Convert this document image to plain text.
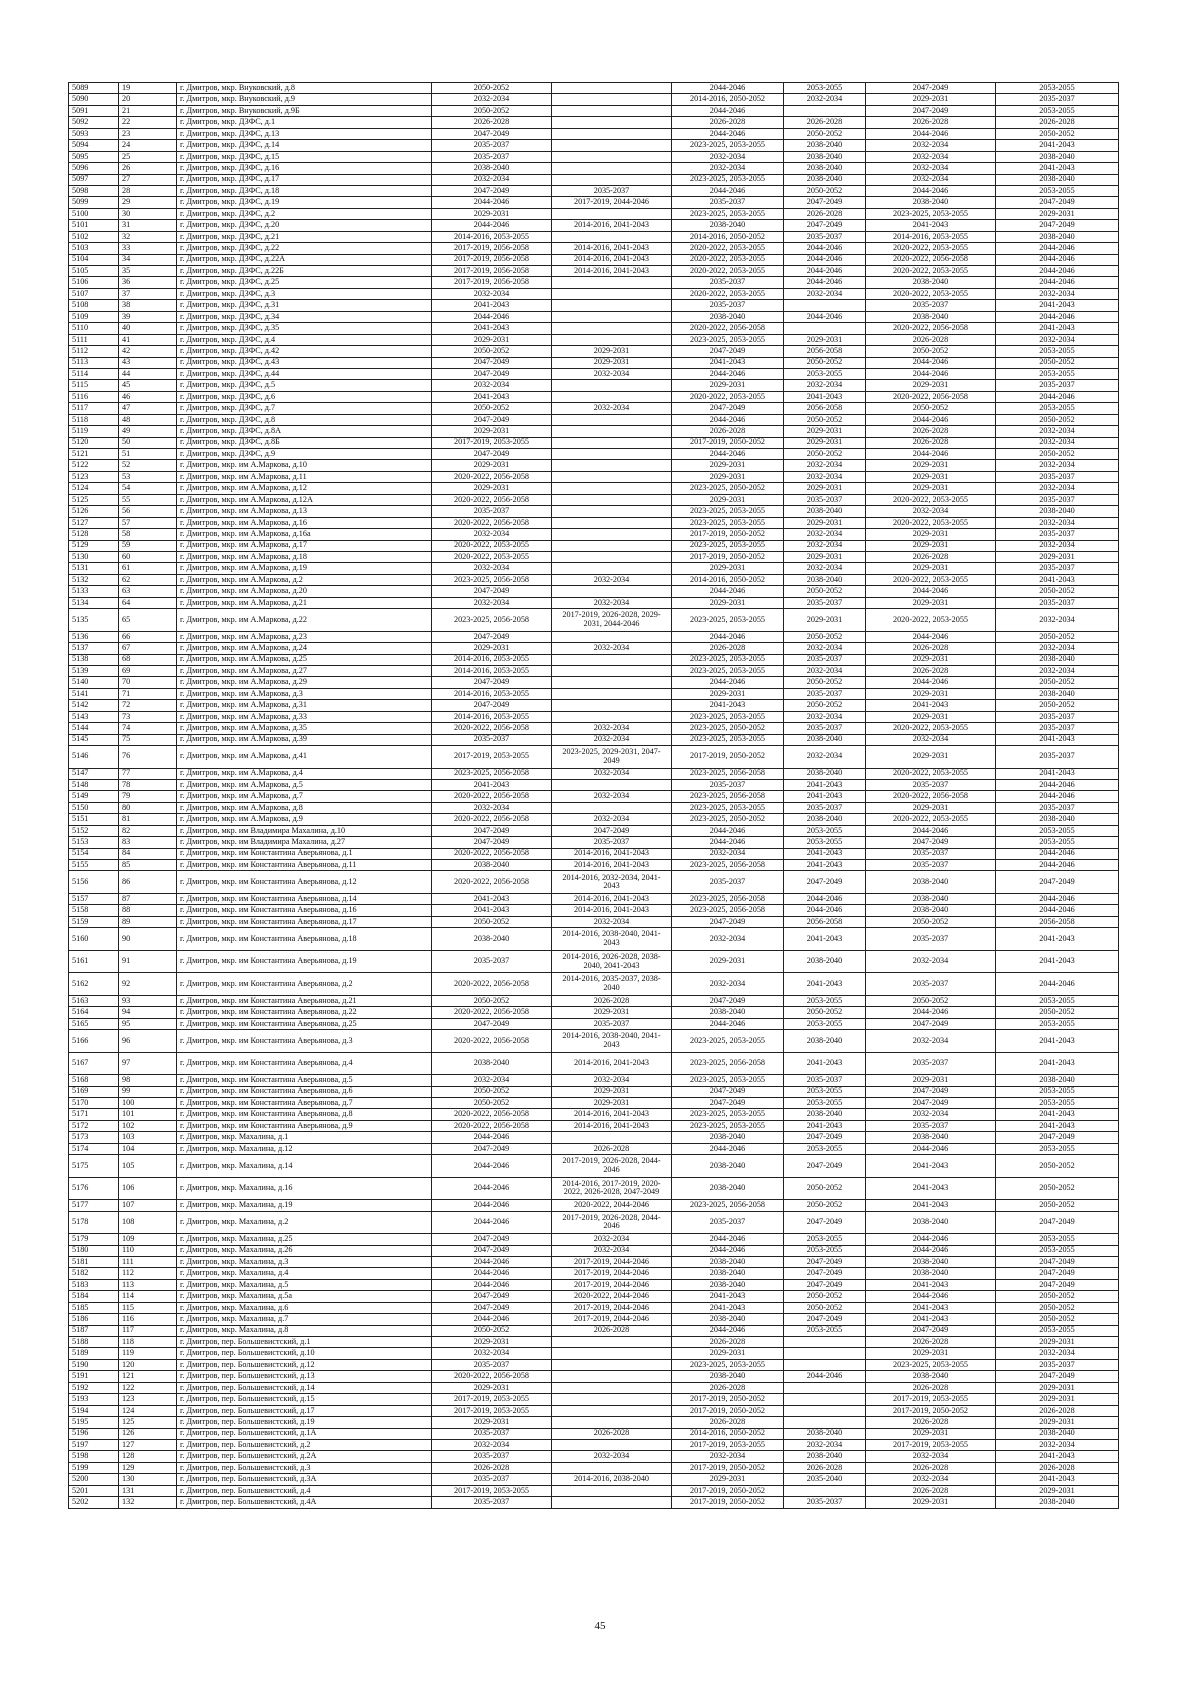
5089	19	г. Дмитров, мкр. Внуковский, д.8	2050-2052		2044-2046	2053-2055	2047-2049	2053-2055
5090	20	г. Дмитров, мкр. Внуковский, д.9	2032-2034		2014-2016, 2050-2052	2032-2034	2029-2031	2035-2037
5091	21	г. Дмитров, мкр. Внуковский, д.9Б	2050-2052		2044-2046		2047-2049	2053-2055
5092	22	г. Дмитров, мкр. ДЗФС, д.1	2026-2028		2026-2028	2026-2028	2026-2028	2026-2028
5093	23	г. Дмитров, мкр. ДЗФС, д.13	2047-2049		2044-2046	2050-2052	2044-2046	2050-2052
5094	24	г. Дмитров, мкр. ДЗФС, д.14	2035-2037		2023-2025, 2053-2055	2038-2040	2032-2034	2041-2043
5095	25	г. Дмитров, мкр. ДЗФС, д.15	2035-2037		2032-2034	2038-2040	2032-2034	2038-2040
5096	26	г. Дмитров, мкр. ДЗФС, д.16	2038-2040		2032-2034	2038-2040	2032-2034	2041-2043
5097	27	г. Дмитров, мкр. ДЗФС, д.17	2032-2034		2023-2025, 2053-2055	2038-2040	2032-2034	2038-2040
5098	28	г. Дмитров, мкр. ДЗФС, д.18	2047-2049	2035-2037	2044-2046	2050-2052	2044-2046	2053-2055
5099	29	г. Дмитров, мкр. ДЗФС, д.19	2044-2046	2017-2019, 2044-2046	2035-2037	2047-2049	2038-2040	2047-2049
5100	30	г. Дмитров, мкр. ДЗФС, д.2	2029-2031		2023-2025, 2053-2055	2026-2028	2023-2025, 2053-2055	2029-2031
5101	31	г. Дмитров, мкр. ДЗФС, д.20	2044-2046	2014-2016, 2041-2043	2038-2040	2047-2049	2041-2043	2047-2049
5102	32	г. Дмитров, мкр. ДЗФС, д.21	2014-2016, 2053-2055		2014-2016, 2050-2052	2035-2037	2014-2016, 2053-2055	2038-2040
5103	33	г. Дмитров, мкр. ДЗФС, д.22	2017-2019, 2056-2058	2014-2016, 2041-2043	2020-2022, 2053-2055	2044-2046	2020-2022, 2053-2055	2044-2046
5104	34	г. Дмитров, мкр. ДЗФС, д.22А	2017-2019, 2056-2058	2014-2016, 2041-2043	2020-2022, 2053-2055	2044-2046	2020-2022, 2056-2058	2044-2046
5105	35	г. Дмитров, мкр. ДЗФС, д.22Б	2017-2019, 2056-2058	2014-2016, 2041-2043	2020-2022, 2053-2055	2044-2046	2020-2022, 2053-2055	2044-2046
5106	36	г. Дмитров, мкр. ДЗФС, д.25	2017-2019, 2056-2058		2035-2037	2044-2046	2038-2040	2044-2046
5107	37	г. Дмитров, мкр. ДЗФС, д.3	2032-2034		2020-2022, 2053-2055	2032-2034	2020-2022, 2053-2055	2032-2034
5108	38	г. Дмитров, мкр. ДЗФС, д.31	2041-2043		2035-2037		2035-2037	2041-2043
5109	39	г. Дмитров, мкр. ДЗФС, д.34	2044-2046		2038-2040	2044-2046	2038-2040	2044-2046
5110	40	г. Дмитров, мкр. ДЗФС, д.35	2041-2043		2020-2022, 2056-2058		2020-2022, 2056-2058	2041-2043
5111	41	г. Дмитров, мкр. ДЗФС, д.4	2029-2031		2023-2025, 2053-2055	2029-2031	2026-2028	2032-2034
5112	42	г. Дмитров, мкр. ДЗФС, д.42	2050-2052	2029-2031	2047-2049	2056-2058	2050-2052	2053-2055
5113	43	г. Дмитров, мкр. ДЗФС, д.43	2047-2049	2029-2031	2041-2043	2050-2052	2044-2046	2050-2052
5114	44	г. Дмитров, мкр. ДЗФС, д.44	2047-2049	2032-2034	2044-2046	2053-2055	2044-2046	2053-2055
5115	45	г. Дмитров, мкр. ДЗФС, д.5	2032-2034		2029-2031	2032-2034	2029-2031	2035-2037
5116	46	г. Дмитров, мкр. ДЗФС, д.6	2041-2043		2020-2022, 2053-2055	2041-2043	2020-2022, 2056-2058	2044-2046
5117	47	г. Дмитров, мкр. ДЗФС, д.7	2050-2052	2032-2034	2047-2049	2056-2058	2050-2052	2053-2055
5118	48	г. Дмитров, мкр. ДЗФС, д.8	2047-2049		2044-2046	2050-2052	2044-2046	2050-2052
5119	49	г. Дмитров, мкр. ДЗФС, д.8А	2029-2031		2026-2028	2029-2031	2026-2028	2032-2034
5120	50	г. Дмитров, мкр. ДЗФС, д.8Б	2017-2019, 2053-2055		2017-2019, 2050-2052	2029-2031	2026-2028	2032-2034
5121	51	г. Дмитров, мкр. ДЗФС, д.9	2047-2049		2044-2046	2050-2052	2044-2046	2050-2052
5122	52	г. Дмитров, мкр. им А.Маркова, д.10	2029-2031		2029-2031	2032-2034	2029-2031	2032-2034
5123	53	г. Дмитров, мкр. им А.Маркова, д.11	2020-2022, 2056-2058		2029-2031	2032-2034	2029-2031	2035-2037
5124	54	г. Дмитров, мкр. им А.Маркова, д.12	2029-2031		2023-2025, 2050-2052	2029-2031	2029-2031	2032-2034
5125	55	г. Дмитров, мкр. им А.Маркова, д.12А	2020-2022, 2056-2058		2029-2031	2035-2037	2020-2022, 2053-2055	2035-2037
5126	56	г. Дмитров, мкр. им А.Маркова, д.13	2035-2037		2023-2025, 2053-2055	2038-2040	2032-2034	2038-2040
5127	57	г. Дмитров, мкр. им А.Маркова, д.16	2020-2022, 2056-2058		2023-2025, 2053-2055	2029-2031	2020-2022, 2053-2055	2032-2034
5128	58	г. Дмитров, мкр. им А.Маркова, д.16а	2032-2034		2017-2019, 2050-2052	2032-2034	2029-2031	2035-2037
5129	59	г. Дмитров, мкр. им А.Маркова, д.17	2020-2022, 2053-2055		2023-2025, 2053-2055	2032-2034	2029-2031	2032-2034
5130	60	г. Дмитров, мкр. им А.Маркова, д.18	2020-2022, 2053-2055		2017-2019, 2050-2052	2029-2031	2026-2028	2029-2031
5131	61	г. Дмитров, мкр. им А.Маркова, д.19	2032-2034		2029-2031	2032-2034	2029-2031	2035-2037
5132	62	г. Дмитров, мкр. им А.Маркова, д.2	2023-2025, 2056-2058	2032-2034	2014-2016, 2050-2052	2038-2040	2020-2022, 2053-2055	2041-2043
5133	63	г. Дмитров, мкр. им А.Маркова, д.20	2047-2049		2044-2046	2050-2052	2044-2046	2050-2052
5134	64	г. Дмитров, мкр. им А.Маркова, д.21	2032-2034	2032-2034	2029-2031	2035-2037	2029-2031	2035-2037
5135	65	г. Дмитров, мкр. им А.Маркова, д.22	2023-2025, 2056-2058	2017-2019, 2026-2028, 2029-2031, 2044-2046	2023-2025, 2053-2055	2029-2031	2020-2022, 2053-2055	2032-2034
5136	66	г. Дмитров, мкр. им А.Маркова, д.23	2047-2049		2044-2046	2050-2052	2044-2046	2050-2052
5137	67	г. Дмитров, мкр. им А.Маркова, д.24	2029-2031	2032-2034	2026-2028	2032-2034	2026-2028	2032-2034
5138	68	г. Дмитров, мкр. им А.Маркова, д.25	2014-2016, 2053-2055		2023-2025, 2053-2055	2035-2037	2029-2031	2038-2040
5139	69	г. Дмитров, мкр. им А.Маркова, д.27	2014-2016, 2053-2055		2023-2025, 2053-2055	2032-2034	2026-2028	2032-2034
5140	70	г. Дмитров, мкр. им А.Маркова, д.29	2047-2049		2044-2046	2050-2052	2044-2046	2050-2052
5141	71	г. Дмитров, мкр. им А.Маркова, д.3	2014-2016, 2053-2055		2029-2031	2035-2037	2029-2031	2038-2040
5142	72	г. Дмитров, мкр. им А.Маркова, д.31	2047-2049		2041-2043	2050-2052	2041-2043	2050-2052
5143	73	г. Дмитров, мкр. им А.Маркова, д.33	2014-2016, 2053-2055		2023-2025, 2053-2055	2032-2034	2029-2031	2035-2037
5144	74	г. Дмитров, мкр. им А.Маркова, д.35	2020-2022, 2056-2058	2032-2034	2023-2025, 2050-2052	2035-2037	2020-2022, 2053-2055	2035-2037
5145	75	г. Дмитров, мкр. им А.Маркова, д.39	2035-2037	2032-2034	2023-2025, 2053-2055	2038-2040	2032-2034	2041-2043
5146	76	г. Дмитров, мкр. им А.Маркова, д.41	2017-2019, 2053-2055	2023-2025, 2029-2031, 2047-2049	2017-2019, 2050-2052	2032-2034	2029-2031	2035-2037
5147	77	г. Дмитров, мкр. им А.Маркова, д.4	2023-2025, 2056-2058	2032-2034	2023-2025, 2056-2058	2038-2040	2020-2022, 2053-2055	2041-2043
5148	78	г. Дмитров, мкр. им А.Маркова, д.5	2041-2043		2035-2037	2041-2043	2035-2037	2044-2046
5149	79	г. Дмитров, мкр. им А.Маркова, д.7	2020-2022, 2056-2058	2032-2034	2023-2025, 2056-2058	2041-2043	2020-2022, 2056-2058	2044-2046
5150	80	г. Дмитров, мкр. им А.Маркова, д.8	2032-2034		2023-2025, 2053-2055	2035-2037	2029-2031	2035-2037
5151	81	г. Дмитров, мкр. им А.Маркова, д.9	2020-2022, 2056-2058	2032-2034	2023-2025, 2050-2052	2038-2040	2020-2022, 2053-2055	2038-2040
5152	82	г. Дмитров, мкр. им Владимира Махалина, д.10	2047-2049	2047-2049	2044-2046	2053-2055	2044-2046	2053-2055
5153	83	г. Дмитров, мкр. им Владимира Махалина, д.27	2047-2049	2035-2037	2044-2046	2053-2055	2047-2049	2053-2055
5154	84	г. Дмитров, мкр. им Константина Аверьянова, д.1	2020-2022, 2056-2058	2014-2016, 2041-2043	2032-2034	2041-2043	2035-2037	2044-2046
5155	85	г. Дмитров, мкр. им Константина Аверьянова, д.11	2038-2040	2014-2016, 2041-2043	2023-2025, 2056-2058	2041-2043	2035-2037	2044-2046
5156	86	г. Дмитров, мкр. им Константина Аверьянова, д.12	2020-2022, 2056-2058	2014-2016, 2032-2034, 2041-2043	2035-2037	2047-2049	2038-2040	2047-2049
5157	87	г. Дмитров, мкр. им Константина Аверьянова, д.14	2041-2043	2014-2016, 2041-2043	2023-2025, 2056-2058	2044-2046	2038-2040	2044-2046
5158	88	г. Дмитров, мкр. им Константина Аверьянова, д.16	2041-2043	2014-2016, 2041-2043	2023-2025, 2056-2058	2044-2046	2038-2040	2044-2046
5159	89	г. Дмитров, мкр. им Константина Аверьянова, д.17	2050-2052	2032-2034	2047-2049	2056-2058	2050-2052	2056-2058
5160	90	г. Дмитров, мкр. им Константина Аверьянова, д.18	2038-2040	2014-2016, 2038-2040, 2041-2043	2032-2034	2041-2043	2035-2037	2041-2043
5161	91	г. Дмитров, мкр. им Константина Аверьянова, д.19	2035-2037	2014-2016, 2026-2028, 2038-2040, 2041-2043	2029-2031	2038-2040	2032-2034	2041-2043
5162	92	г. Дмитров, мкр. им Константина Аверьянова, д.2	2020-2022, 2056-2058	2014-2016, 2035-2037, 2038-2040	2032-2034	2041-2043	2035-2037	2044-2046
5163	93	г. Дмитров, мкр. им Константина Аверьянова, д.21	2050-2052	2026-2028	2047-2049	2053-2055	2050-2052	2053-2055
5164	94	г. Дмитров, мкр. им Константина Аверьянова, д.22	2020-2022, 2056-2058	2029-2031	2038-2040	2050-2052	2044-2046	2050-2052
5165	95	г. Дмитров, мкр. им Константина Аверьянова, д.25	2047-2049	2035-2037	2044-2046	2053-2055	2047-2049	2053-2055
5166	96	г. Дмитров, мкр. им Константина Аверьянова, д.3	2020-2022, 2056-2058	2014-2016, 2038-2040, 2041-2043	2023-2025, 2053-2055	2038-2040	2032-2034	2041-2043
5167	97	г. Дмитров, мкр. им Константина Аверьянова, д.4	2038-2040	2014-2016, 2041-2043	2023-2025, 2056-2058	2041-2043	2035-2037	2041-2043
5168	98	г. Дмитров, мкр. им Константина Аверьянова, д.5	2032-2034	2032-2034	2023-2025, 2053-2055	2035-2037	2029-2031	2038-2040
5169	99	г. Дмитров, мкр. им Константина Аверьянова, д.6	2050-2052	2029-2031	2047-2049	2053-2055	2047-2049	2053-2055
5170	100	г. Дмитров, мкр. им Константина Аверьянова, д.7	2050-2052	2029-2031	2047-2049	2053-2055	2047-2049	2053-2055
5171	101	г. Дмитров, мкр. им Константина Аверьянова, д.8	2020-2022, 2056-2058	2014-2016, 2041-2043	2023-2025, 2053-2055	2038-2040	2032-2034	2041-2043
5172	102	г. Дмитров, мкр. им Константина Аверьянова, д.9	2020-2022, 2056-2058	2014-2016, 2041-2043	2023-2025, 2053-2055	2041-2043	2035-2037	2041-2043
5173	103	г. Дмитров, мкр. Махалина, д.1	2044-2046		2038-2040	2047-2049	2038-2040	2047-2049
5174	104	г. Дмитров, мкр. Махалина, д.12	2047-2049	2026-2028	2044-2046	2053-2055	2044-2046	2053-2055
5175	105	г. Дмитров, мкр. Махалина, д.14	2044-2046	2017-2019, 2026-2028, 2044-2046	2038-2040	2047-2049	2041-2043	2050-2052
5176	106	г. Дмитров, мкр. Махалина, д.16	2044-2046	2014-2016, 2017-2019, 2020-2022, 2026-2028, 2047-2049	2038-2040	2050-2052	2041-2043	2050-2052
5177	107	г. Дмитров, мкр. Махалина, д.19	2044-2046	2020-2022, 2044-2046	2023-2025, 2056-2058	2050-2052	2041-2043	2050-2052
5178	108	г. Дмитров, мкр. Махалина, д.2	2044-2046	2017-2019, 2026-2028, 2044-2046	2035-2037	2047-2049	2038-2040	2047-2049
5179	109	г. Дмитров, мкр. Махалина, д.25	2047-2049	2032-2034	2044-2046	2053-2055	2044-2046	2053-2055
5180	110	г. Дмитров, мкр. Махалина, д.26	2047-2049	2032-2034	2044-2046	2053-2055	2044-2046	2053-2055
5181	111	г. Дмитров, мкр. Махалина, д.3	2044-2046	2017-2019, 2044-2046	2038-2040	2047-2049	2038-2040	2047-2049
5182	112	г. Дмитров, мкр. Махалина, д.4	2044-2046	2017-2019, 2044-2046	2038-2040	2047-2049	2038-2040	2047-2049
5183	113	г. Дмитров, мкр. Махалина, д.5	2044-2046	2017-2019, 2044-2046	2038-2040	2047-2049	2041-2043	2047-2049
5184	114	г. Дмитров, мкр. Махалина, д.5а	2047-2049	2020-2022, 2044-2046	2041-2043	2050-2052	2044-2046	2050-2052
5185	115	г. Дмитров, мкр. Махалина, д.6	2047-2049	2017-2019, 2044-2046	2041-2043	2050-2052	2041-2043	2050-2052
5186	116	г. Дмитров, мкр. Махалина, д.7	2044-2046	2017-2019, 2044-2046	2038-2040	2047-2049	2041-2043	2050-2052
5187	117	г. Дмитров, мкр. Махалина, д.8	2050-2052	2026-2028	2044-2046	2053-2055	2047-2049	2053-2055
5188	118	г. Дмитров, пер. Большевистский, д.1	2029-2031		2026-2028		2026-2028	2029-2031
5189	119	г. Дмитров, пер. Большевистский, д.10	2032-2034		2029-2031		2029-2031	2032-2034
5190	120	г. Дмитров, пер. Большевистский, д.12	2035-2037		2023-2025, 2053-2055		2023-2025, 2053-2055	2035-2037
5191	121	г. Дмитров, пер. Большевистский, д.13	2020-2022, 2056-2058		2038-2040	2044-2046	2038-2040	2047-2049
5192	122	г. Дмитров, пер. Большевистский, д.14	2029-2031		2026-2028		2026-2028	2029-2031
5193	123	г. Дмитров, пер. Большевистский, д.15	2017-2019, 2053-2055		2017-2019, 2050-2052		2017-2019, 2053-2055	2029-2031
5194	124	г. Дмитров, пер. Большевистский, д.17	2017-2019, 2053-2055		2017-2019, 2050-2052		2017-2019, 2050-2052	2026-2028
5195	125	г. Дмитров, пер. Большевистский, д.19	2029-2031		2026-2028		2026-2028	2029-2031
5196	126	г. Дмитров, пер. Большевистский, д.1А	2035-2037	2026-2028	2014-2016, 2050-2052	2038-2040	2029-2031	2038-2040
5197	127	г. Дмитров, пер. Большевистский, д.2	2032-2034		2017-2019, 2053-2055	2032-2034	2017-2019, 2053-2055	2032-2034
5198	128	г. Дмитров, пер. Большевистский, д.2А	2035-2037	2032-2034	2032-2034	2038-2040	2032-2034	2041-2043
5199	129	г. Дмитров, пер. Большевистский, д.3	2026-2028		2017-2019, 2050-2052	2026-2028	2026-2028	2026-2028
5200	130	г. Дмитров, пер. Большевистский, д.3А	2035-2037	2014-2016, 2038-2040	2029-2031	2035-2040	2032-2034	2041-2043
5201	131	г. Дмитров, пер. Большевистский, д.4	2017-2019, 2053-2055		2017-2019, 2050-2052		2026-2028	2029-2031
5202	132	г. Дмитров, пер. Большевистский, д.4А	2035-2037		2017-2019, 2050-2052	2035-2037	2029-2031	2038-2040
45
